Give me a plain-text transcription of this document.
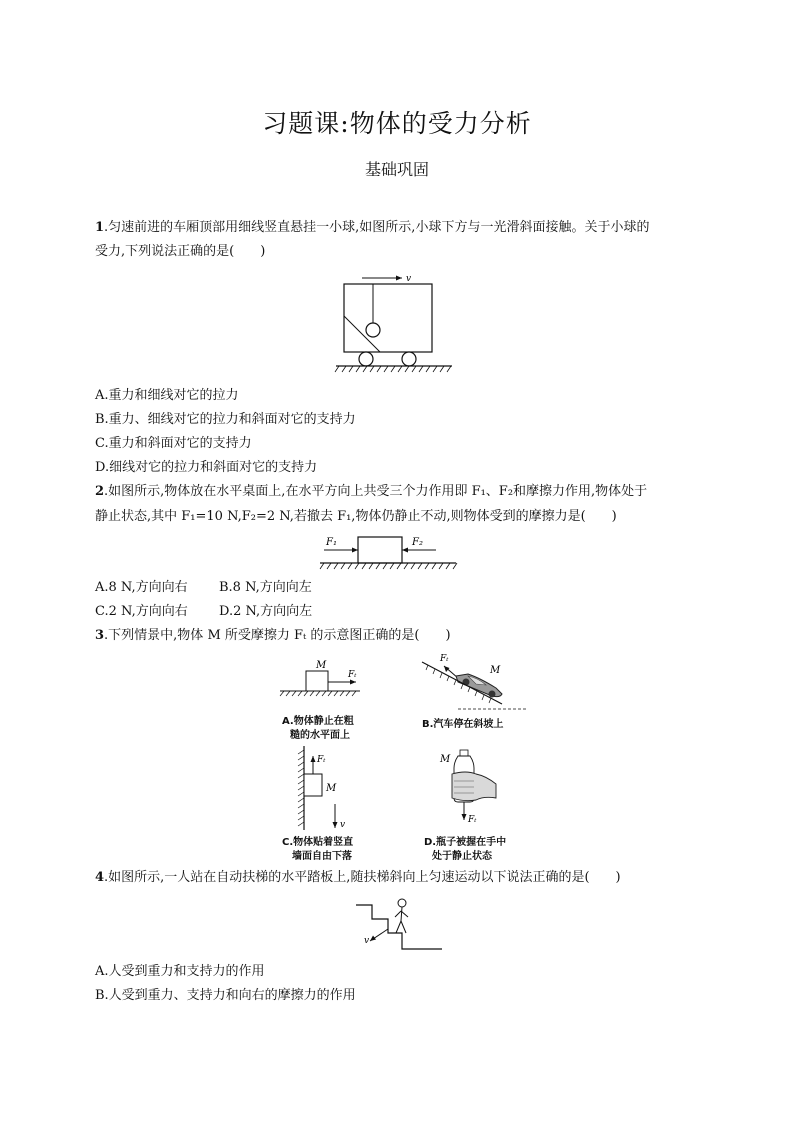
习题课:物体的受力分析
基础巩固
1.匀速前进的车厢顶部用细线竖直悬挂一小球,如图所示,小球下方与一光滑斜面接触。关于小球的
受力,下列说法正确的是(　　)
v
A.重力和细线对它的拉力
B.重力、细线对它的拉力和斜面对它的支持力
C.重力和斜面对它的支持力
D.细线对它的拉力和斜面对它的支持力
2.如图所示,物体放在水平桌面上,在水平方向上共受三个力作用即 F₁、F₂和摩擦力作用,物体处于
静止状态,其中 F₁=10 N,F₂=2 N,若撤去 F₁,物体仍静止不动,则物体受到的摩擦力是(　　)
F₁	F₂
A.8 N,方向向右 B.8 N,方向向左
C.2 N,方向向右 D.2 N,方向向左
3.下列情景中,物体 M 所受摩擦力 Fₜ 的示意图正确的是(　　)
M
Fₜ
A.物体静止在粗
糙的水平面上
Fₜ
M
B.汽车停在斜坡上
Fₜ
M
v
C.物体贴着竖直
墙面自由下落
M
Fₜ
D.瓶子被握在手中
处于静止状态
4.如图所示,一人站在自动扶梯的水平踏板上,随扶梯斜向上匀速运动以下说法正确的是(　　)
v
A.人受到重力和支持力的作用
B.人受到重力、支持力和向右的摩擦力的作用
